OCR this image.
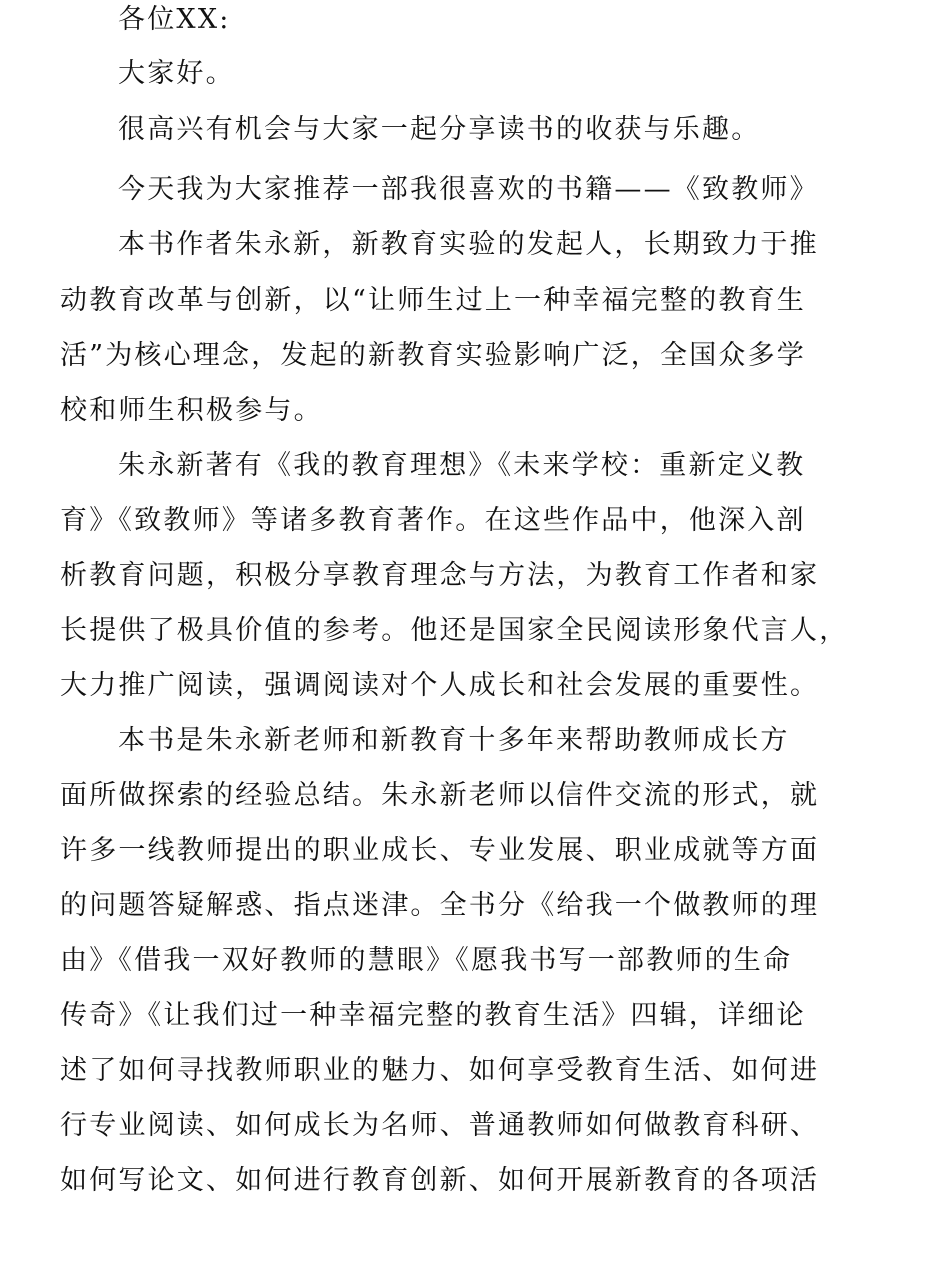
各位XX:
大家好。
很高兴有机会与大家一起分享读书的收获与乐趣。
今天我为大家推荐一部我很喜欢的书籍——《致教师》
本书作者朱永新，新教育实验的发起人，长期致力于推
动教育改革与创新，以“让师生过上一种幸福完整的教育生
活”为核心理念，发起的新教育实验影响广泛，全国众多学
校和师生积极参与。
朱永新著有《我的教育理想》《未来学校：重新定义教
育》《致教师》等诸多教育著作。在这些作品中，他深入剖
析教育问题，积极分享教育理念与方法，为教育工作者和家
长提供了极具价值的参考。他还是国家全民阅读形象代言人，
大力推广阅读，强调阅读对个人成长和社会发展的重要性。
本书是朱永新老师和新教育十多年来帮助教师成长方
面所做探索的经验总结。朱永新老师以信件交流的形式，就
许多一线教师提出的职业成长、专业发展、职业成就等方面
的问题答疑解惑、指点迷津。全书分《给我一个做教师的理
由》《借我一双好教师的慧眼》《愿我书写一部教师的生命
传奇》《让我们过一种幸福完整的教育生活》四辑，详细论
述了如何寻找教师职业的魅力、如何享受教育生活、如何进
行专业阅读、如何成长为名师、普通教师如何做教育科研、
如何写论文、如何进行教育创新、如何开展新教育的各项活
